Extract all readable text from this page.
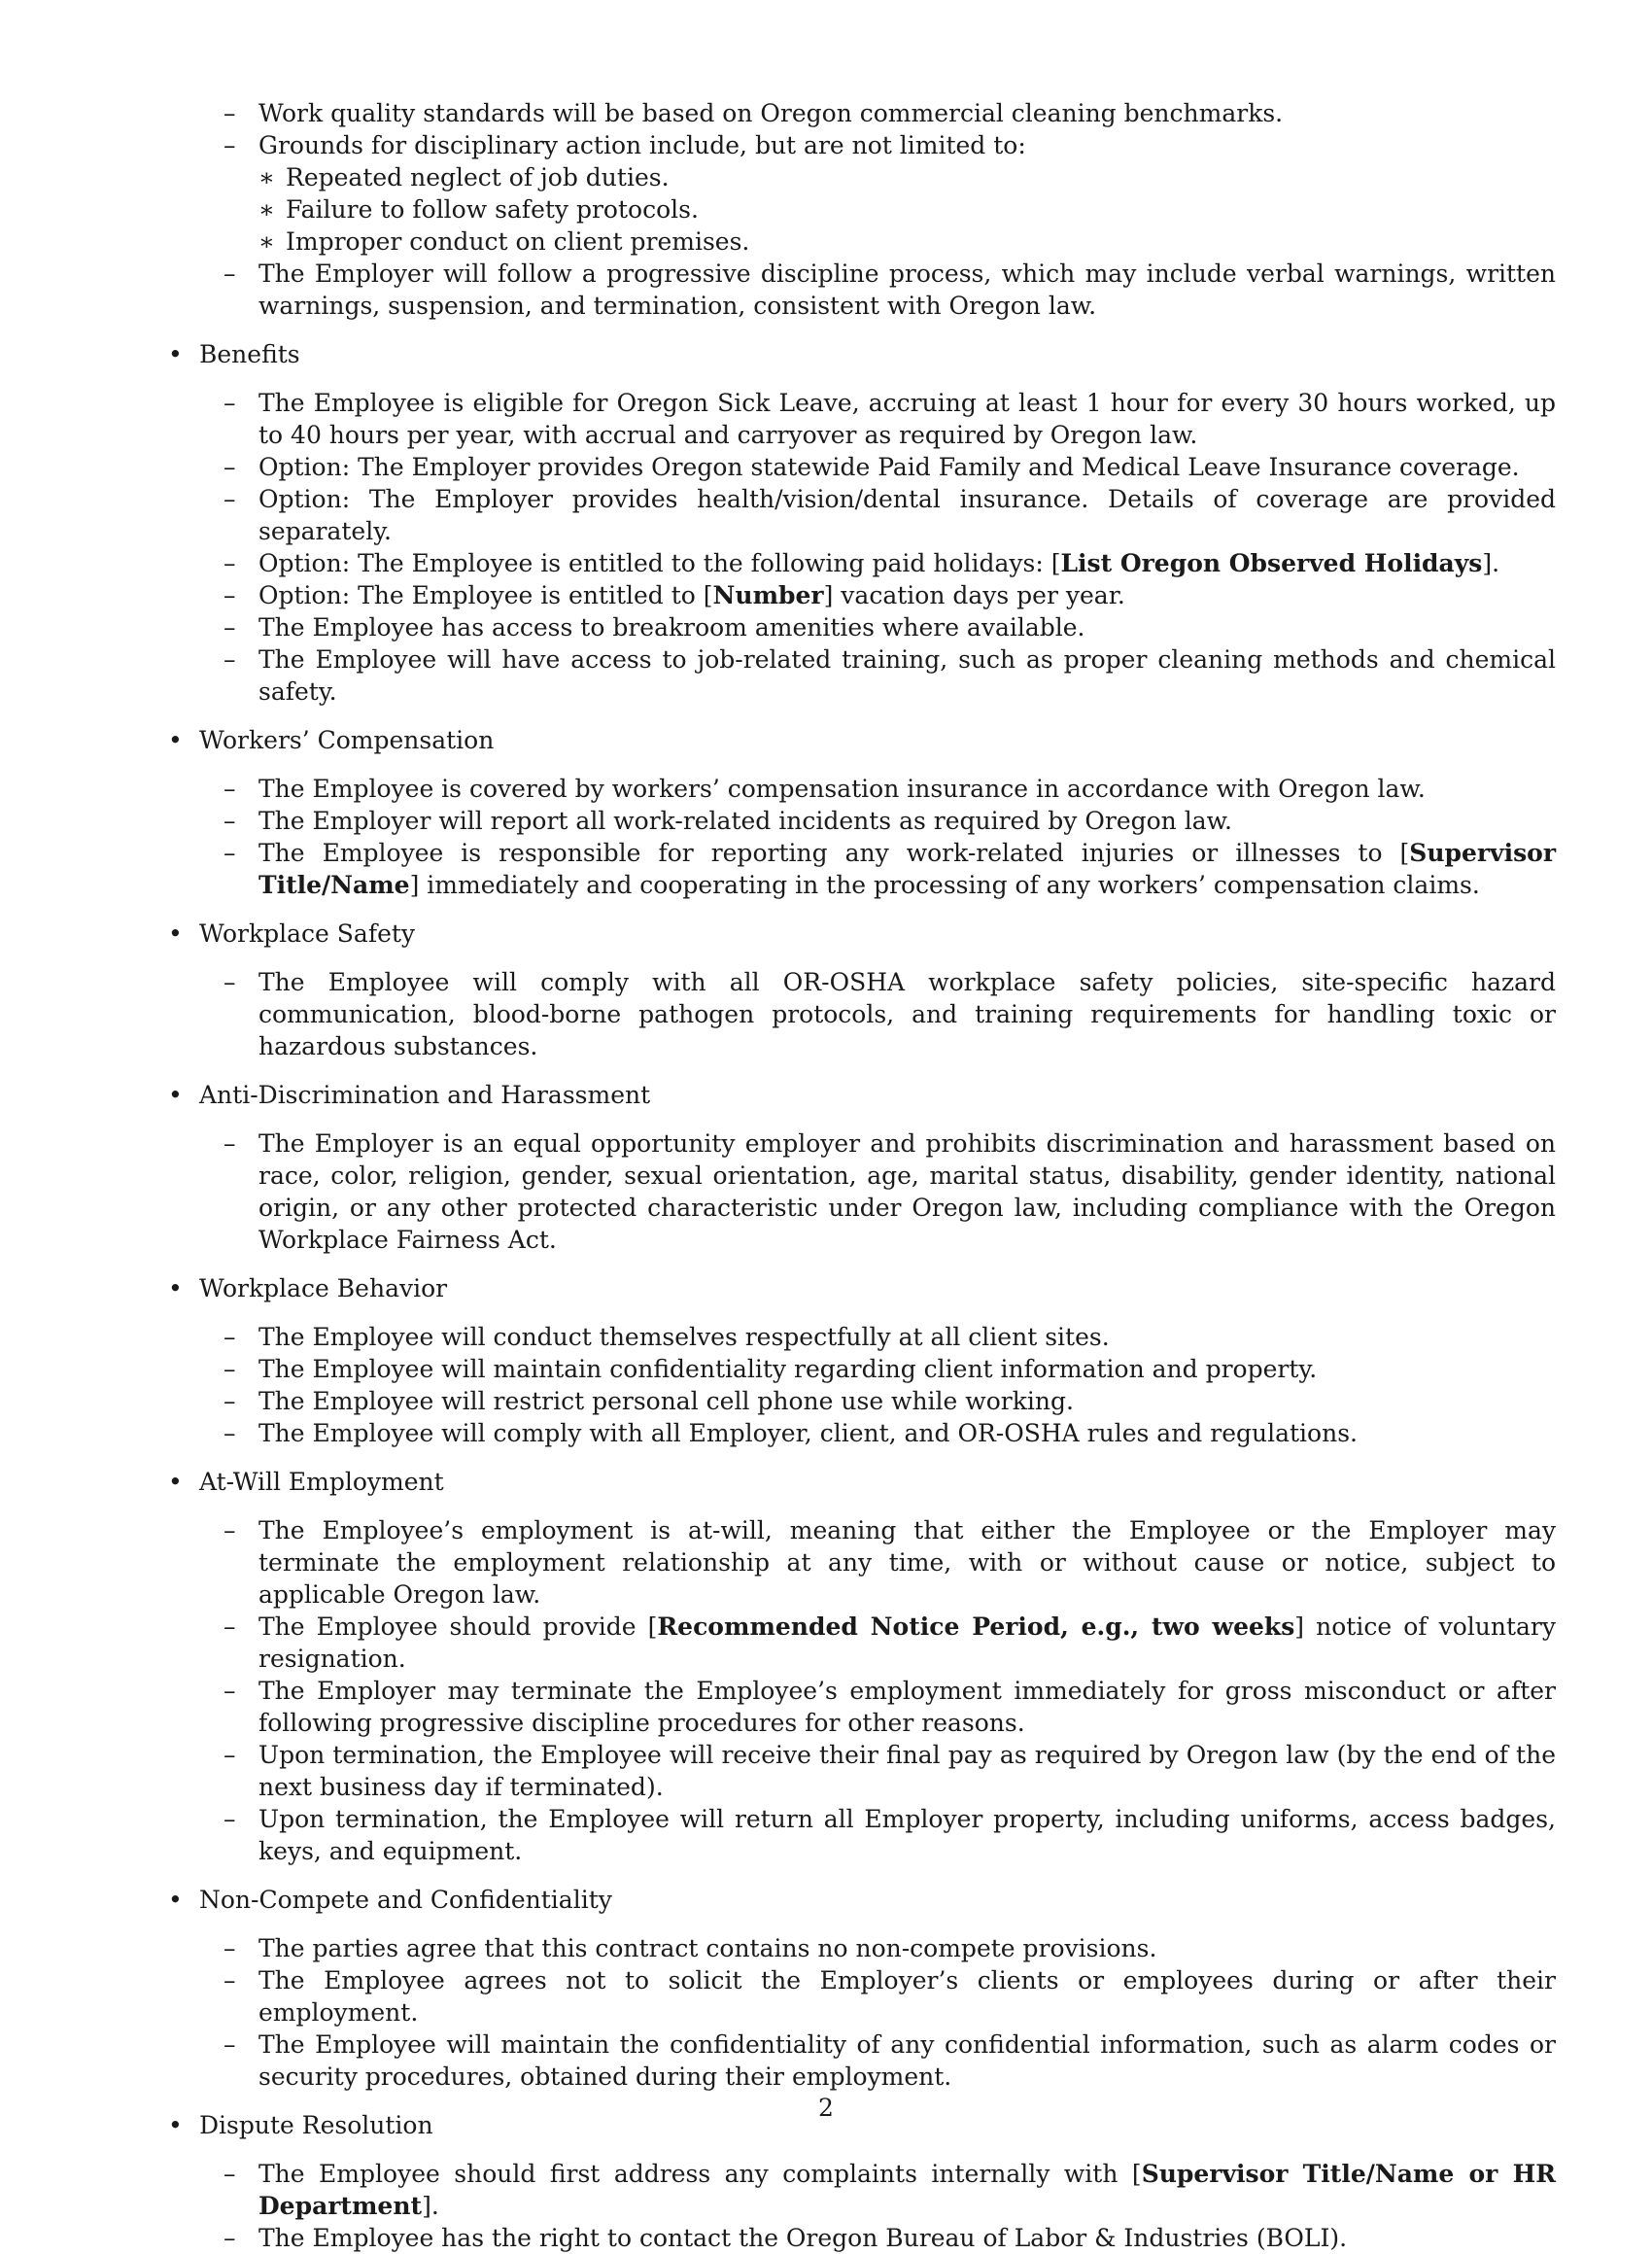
– Work quality standards will be based on Oregon commercial cleaning benchmarks.
– Grounds for disciplinary action include, but are not limited to:
∗ Repeated neglect of job duties.
∗ Failure to follow safety protocols.
∗ Improper conduct on client premises.
– The Employer will follow a progressive discipline process, which may include verbal warnings, written warnings, suspension, and termination, consistent with Oregon law.
• Benefits
– The Employee is eligible for Oregon Sick Leave, accruing at least 1 hour for every 30 hours worked, up to 40 hours per year, with accrual and carryover as required by Oregon law.
– Option: The Employer provides Oregon statewide Paid Family and Medical Leave Insurance coverage.
– Option: The Employer provides health/vision/dental insurance. Details of coverage are provided separately.
– Option: The Employee is entitled to the following paid holidays: [List Oregon Observed Holidays].
– Option: The Employee is entitled to [Number] vacation days per year.
– The Employee has access to breakroom amenities where available.
– The Employee will have access to job-related training, such as proper cleaning methods and chemical safety.
• Workers’ Compensation
– The Employee is covered by workers’ compensation insurance in accordance with Oregon law.
– The Employer will report all work-related incidents as required by Oregon law.
– The Employee is responsible for reporting any work-related injuries or illnesses to [Supervisor Title/Name] immediately and cooperating in the processing of any workers’ compensation claims.
• Workplace Safety
– The Employee will comply with all OR-OSHA workplace safety policies, site-specific hazard communication, blood-borne pathogen protocols, and training requirements for handling toxic or hazardous substances.
• Anti-Discrimination and Harassment
– The Employer is an equal opportunity employer and prohibits discrimination and harassment based on race, color, religion, gender, sexual orientation, age, marital status, disability, gender identity, national origin, or any other protected characteristic under Oregon law, including compliance with the Oregon Workplace Fairness Act.
• Workplace Behavior
– The Employee will conduct themselves respectfully at all client sites.
– The Employee will maintain confidentiality regarding client information and property.
– The Employee will restrict personal cell phone use while working.
– The Employee will comply with all Employer, client, and OR-OSHA rules and regulations.
• At-Will Employment
– The Employee’s employment is at-will, meaning that either the Employee or the Employer may terminate the employment relationship at any time, with or without cause or notice, subject to applicable Oregon law.
– The Employee should provide [Recommended Notice Period, e.g., two weeks] notice of voluntary resignation.
– The Employer may terminate the Employee’s employment immediately for gross misconduct or after following progressive discipline procedures for other reasons.
– Upon termination, the Employee will receive their final pay as required by Oregon law (by the end of the next business day if terminated).
– Upon termination, the Employee will return all Employer property, including uniforms, access badges, keys, and equipment.
• Non-Compete and Confidentiality
– The parties agree that this contract contains no non-compete provisions.
– The Employee agrees not to solicit the Employer’s clients or employees during or after their employment.
– The Employee will maintain the confidentiality of any confidential information, such as alarm codes or security procedures, obtained during their employment.
• Dispute Resolution
– The Employee should first address any complaints internally with [Supervisor Title/Name or HR Department].
– The Employee has the right to contact the Oregon Bureau of Labor & Industries (BOLI).
2
